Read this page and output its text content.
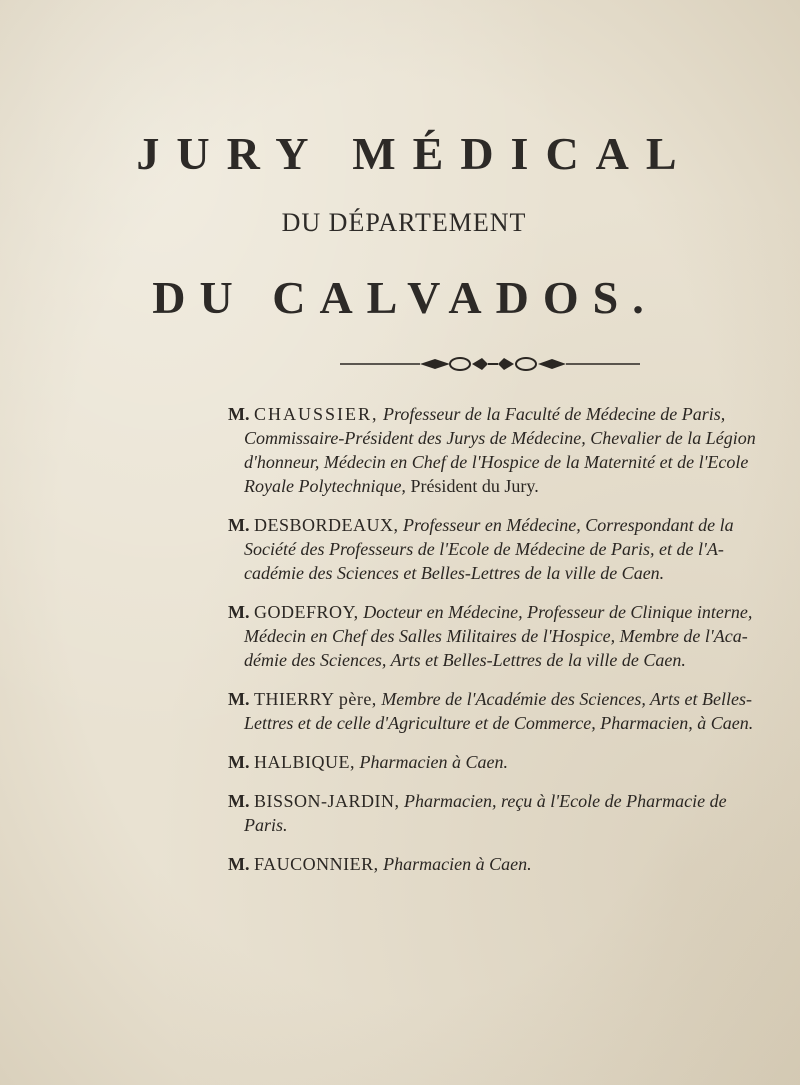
JURY MÉDICAL
DU DÉPARTEMENT
DU CALVADOS.
M. CHAUSSIER, Professeur de la Faculté de Médecine de Paris,
Commissaire-Président des Jurys de Médecine, Chevalier de la Légion
d'honneur, Médecin en Chef de l'Hospice de la Maternité et de l'Ecole
Royale Polytechnique, Président du Jury.
M. DESBORDEAUX, Professeur en Médecine, Correspondant de la
Société des Professeurs de l'Ecole de Médecine de Paris, et de l'A-
cadémie des Sciences et Belles-Lettres de la ville de Caen.
M. GODEFROY, Docteur en Médecine, Professeur de Clinique interne,
Médecin en Chef des Salles Militaires de l'Hospice, Membre de l'Aca-
démie des Sciences, Arts et Belles-Lettres de la ville de Caen.
M. THIERRY père, Membre de l'Académie des Sciences, Arts et Belles-
Lettres et de celle d'Agriculture et de Commerce, Pharmacien, à Caen.
M. HALBIQUE, Pharmacien à Caen.
M. BISSON-JARDIN, Pharmacien, reçu à l'Ecole de Pharmacie de
Paris.
M. FAUCONNIER, Pharmacien à Caen.
